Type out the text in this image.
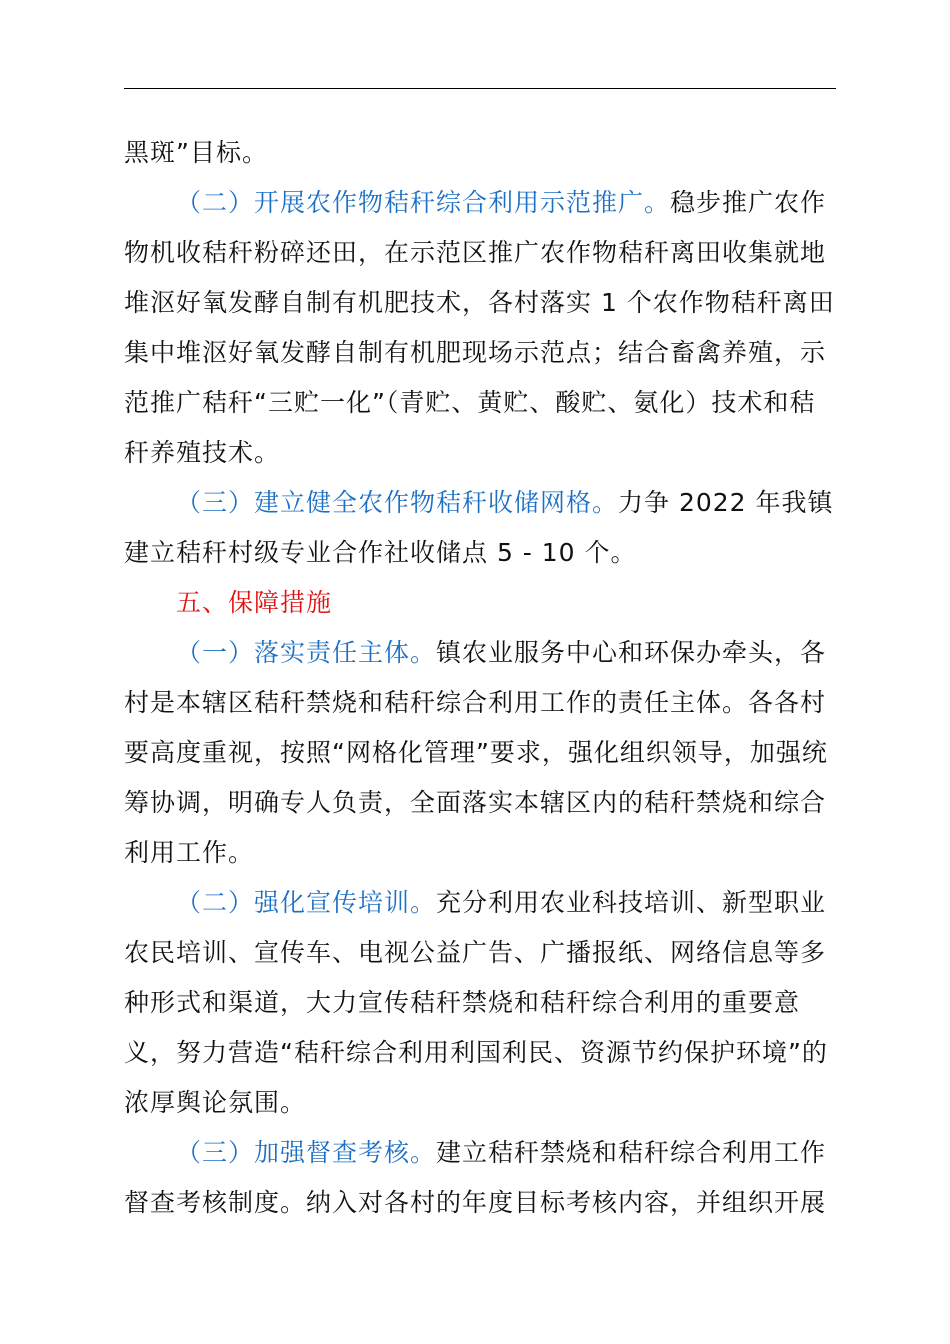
黑斑”目标。

（二）开展农作物秸秆综合利用示范推广。稳步推广农作物机收秸秆粉碎还田，在示范区推广农作物秸秆离田收集就地堆沤好氧发酵自制有机肥技术，各村落实 1 个农作物秸秆离田集中堆沤好氧发酵自制有机肥现场示范点；结合畜禽养殖，示范推广秸秆“三贮一化”（青贮、黄贮、酸贮、氨化）技术和秸秆养殖技术。

（三）建立健全农作物秸秆收储网格。力争 2022 年我镇建立秸秆村级专业合作社收储点 5 - 10 个。

五、保障措施

（一）落实责任主体。镇农业服务中心和环保办牵头，各村是本辖区秸秆禁烧和秸秆综合利用工作的责任主体。各各村要高度重视，按照“网格化管理”要求，强化组织领导，加强统筹协调，明确专人负责，全面落实本辖区内的秸秆禁烧和综合利用工作。

（二）强化宣传培训。充分利用农业科技培训、新型职业农民培训、宣传车、电视公益广告、广播报纸、网络信息等多种形式和渠道，大力宣传秸秆禁烧和秸秆综合利用的重要意义，努力营造“秸秆综合利用利国利民、资源节约保护环境”的浓厚舆论氛围。

（三）加强督查考核。建立秸秆禁烧和秸秆综合利用工作督查考核制度。纳入对各村的年度目标考核内容，并组织开展
